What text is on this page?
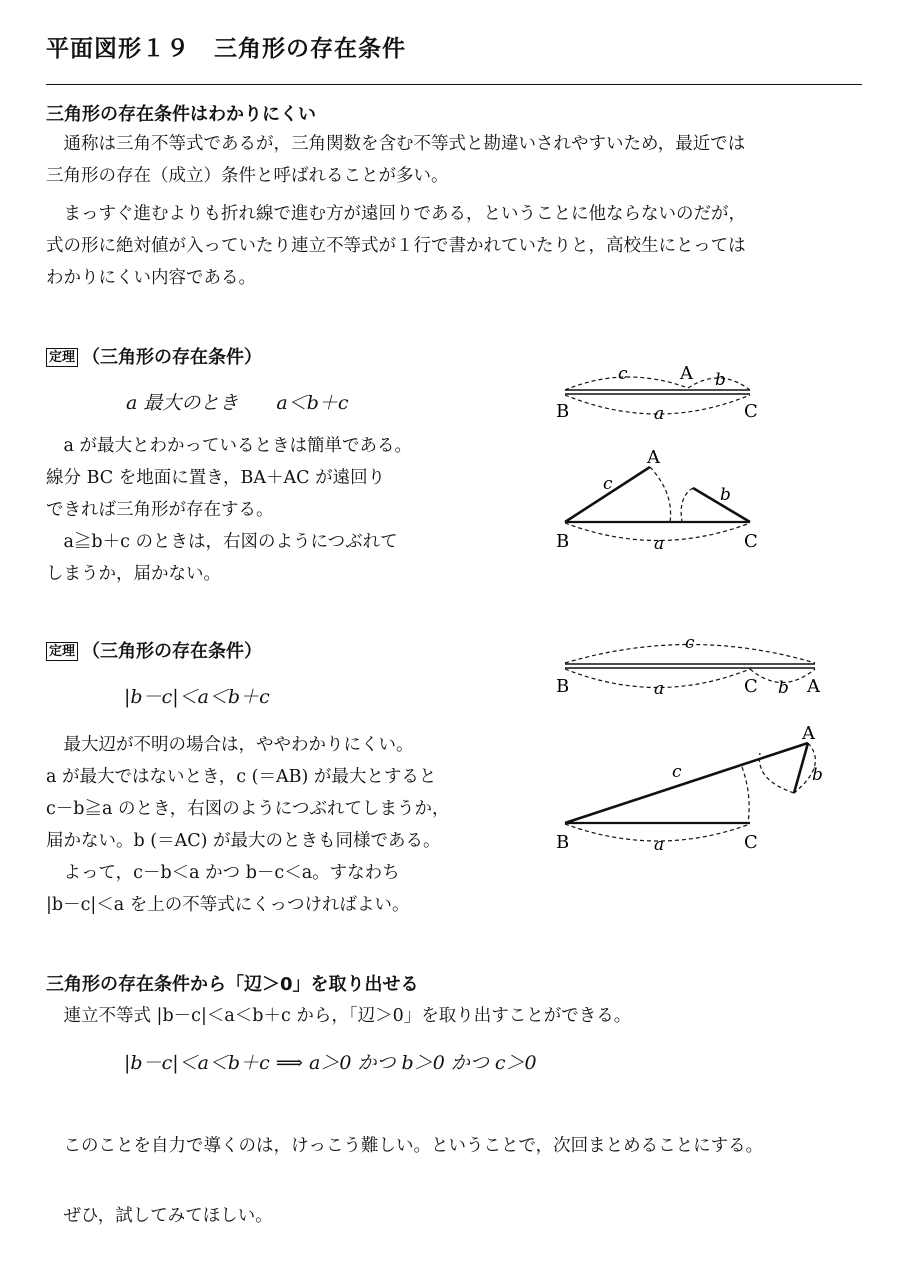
平面図形１９　三角形の存在条件
三角形の存在条件はわかりにくい
　通称は三角不等式であるが，三角関数を含む不等式と勘違いされやすいため，最近では
三角形の存在（成立）条件と呼ばれることが多い。
　まっすぐ進むよりも折れ線で進む方が遠回りである，ということに他ならないのだが，
式の形に絶対値が入っていたり連立不等式が１行で書かれていたりと，高校生にとっては
わかりにくい内容である。
定理 （三角形の存在条件）
a 最大のとき　　a＜b＋c
　a が最大とわかっているときは簡単である。
線分 BC を地面に置き，BA＋AC が遠回り
できれば三角形が存在する。
　a≧b＋c のときは，右図のようにつぶれて
しまうか，届かない。
c	A b
B	C
a
A
c
b
B	C
a
定理 （三角形の存在条件）
|b－c|＜a＜b＋c
　最大辺が不明の場合は，ややわかりにくい。
a が最大ではないとき，c (＝AB) が最大とすると
c－b≧a のとき，右図のようにつぶれてしまうか，
届かない。b (＝AC) が最大のときも同様である。
　よって，c－b＜a かつ b－c＜a。すなわち
|b－c|＜a を上の不等式にくっつければよい。
c
B	a	C b A
A
c	b
B	C
a
三角形の存在条件から「辺＞0」を取り出せる
　連立不等式 |b－c|＜a＜b＋c から，「辺＞0」を取り出すことができる。
|b－c|＜a＜b＋c ⟹ a＞0 かつ b＞0 かつ c＞0
　このことを自力で導くのは，けっこう難しい。ということで，次回まとめることにする。
　ぜひ，試してみてほしい。
